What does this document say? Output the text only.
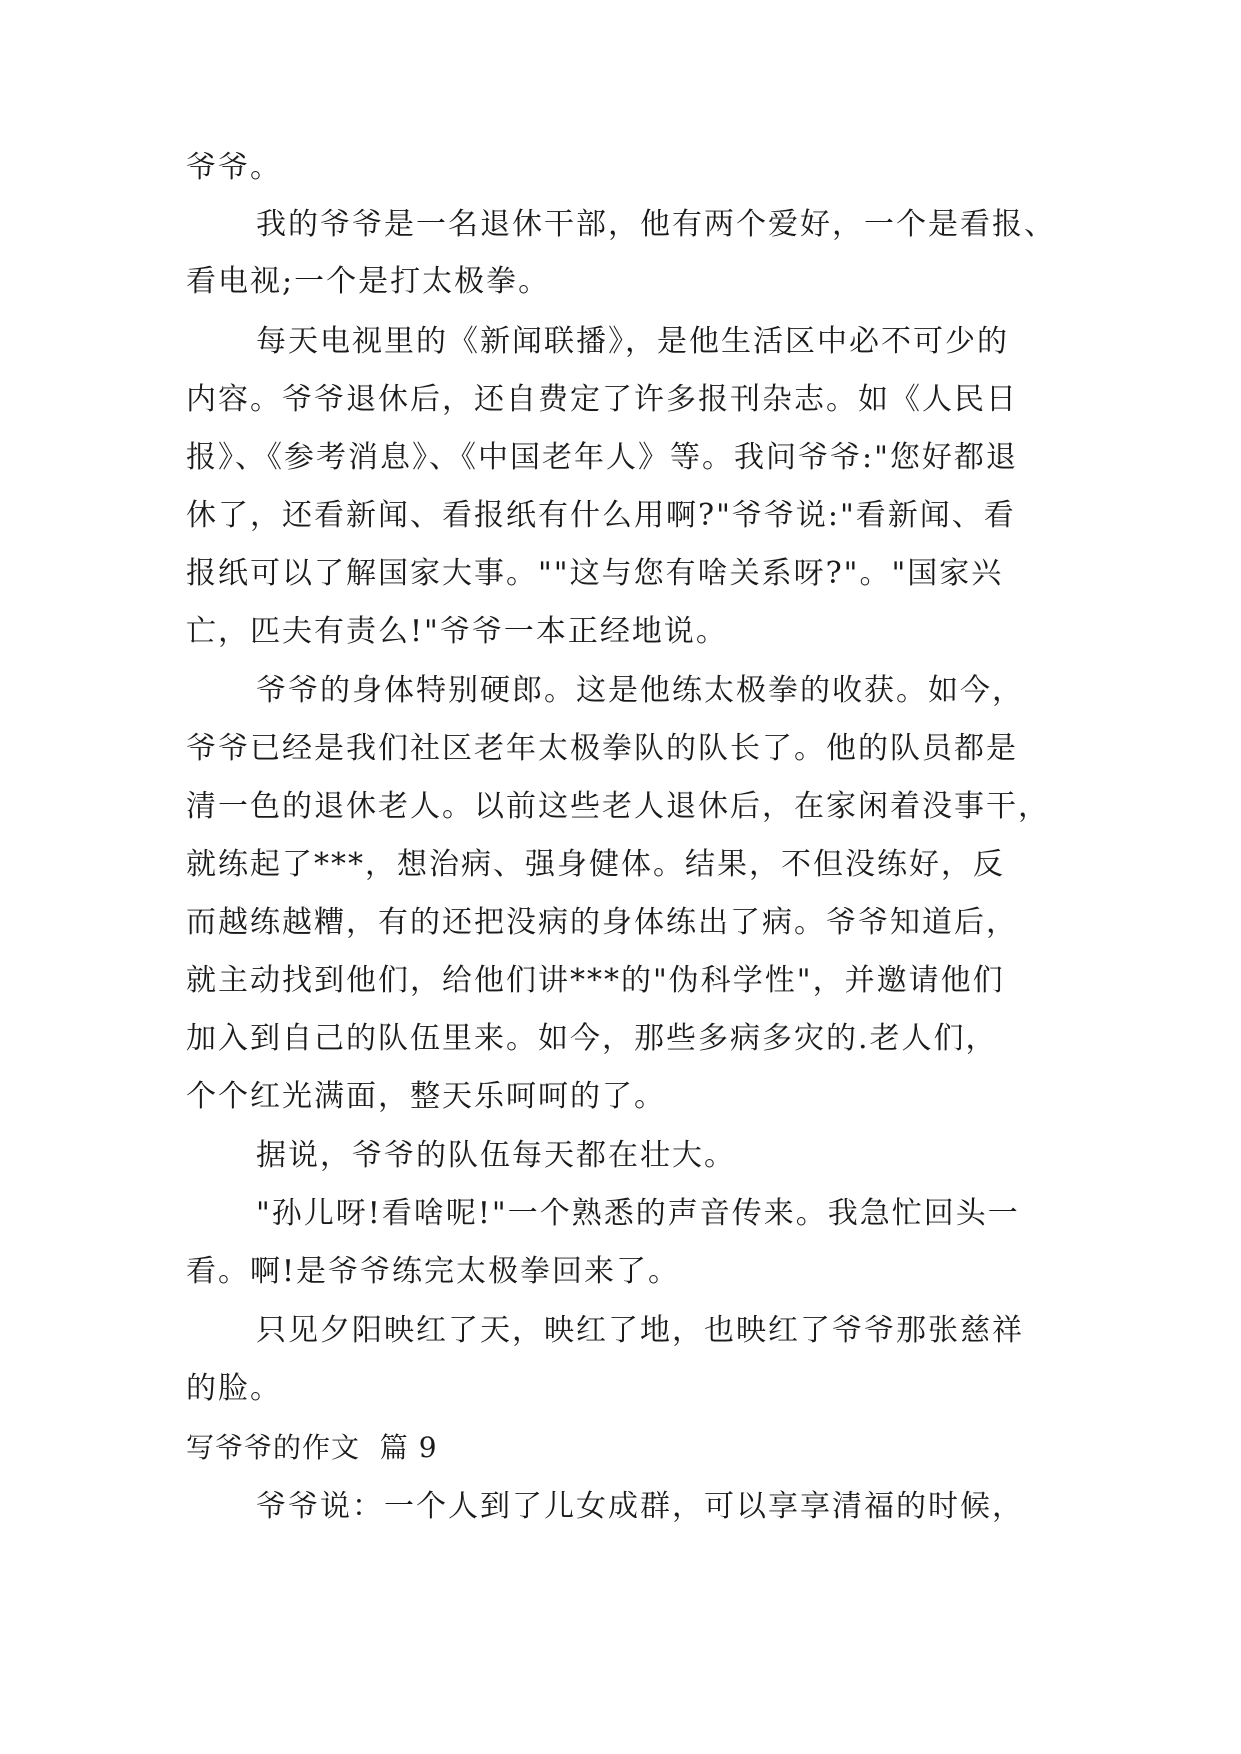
爷爷。
我的爷爷是一名退休干部，他有两个爱好，一个是看报、
看电视;一个是打太极拳。
每天电视里的《新闻联播》，是他生活区中必不可少的
内容。爷爷退休后，还自费定了许多报刊杂志。如《人民日
报》、《参考消息》、《中国老年人》等。我问爷爷:"您好都退
休了，还看新闻、看报纸有什么用啊?"爷爷说:"看新闻、看
报纸可以了解国家大事。""这与您有啥关系呀?"。"国家兴
亡，匹夫有责么!"爷爷一本正经地说。
爷爷的身体特别硬郎。这是他练太极拳的收获。如今，
爷爷已经是我们社区老年太极拳队的队长了。他的队员都是
清一色的退休老人。以前这些老人退休后，在家闲着没事干，
就练起了***，想治病、强身健体。结果，不但没练好，反
而越练越糟，有的还把没病的身体练出了病。爷爷知道后，
就主动找到他们，给他们讲***的"伪科学性"，并邀请他们
加入到自己的队伍里来。如今，那些多病多灾的.老人们，
个个红光满面，整天乐呵呵的了。
据说，爷爷的队伍每天都在壮大。
"孙儿呀!看啥呢!"一个熟悉的声音传来。我急忙回头一
看。啊!是爷爷练完太极拳回来了。
只见夕阳映红了天，映红了地，也映红了爷爷那张慈祥
的脸。
写爷爷的作文  篇 9
爷爷说：一个人到了儿女成群，可以享享清福的时候，
